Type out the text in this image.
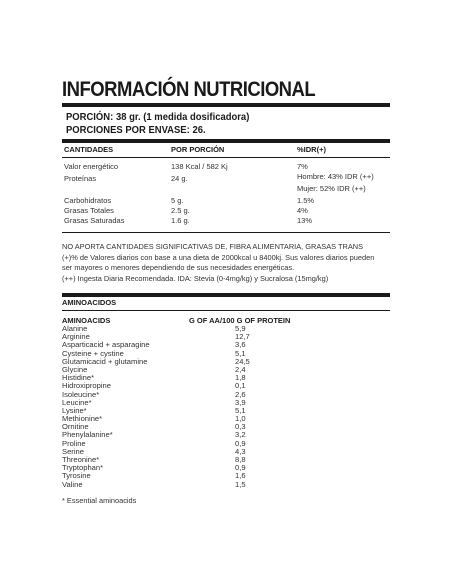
INFORMACIÓN NUTRICIONAL
PORCIÓN: 38 gr. (1 medida dosificadora)
PORCIONES POR ENVASE: 26.
CANTIDADES	POR PORCIÓN	%IDR(+)
Valor energético	138 Kcal / 582 Kj	7%
Proteínas	24 g.	Hombre: 43% IDR (++)
Mujer: 52% IDR (++)
Carbohidratos	5 g.	1.5%
Grasas Totales	2.5 g.	4%
Grasas Saturadas	1.6 g.	13%
NO APORTA CANTIDADES SIGNIFICATIVAS DE, FIBRA ALIMENTARIA, GRASAS TRANS
(+)% de Valores diarios con base a una dieta de 2000kcal u 8400kj. Sus valores diarios pueden
ser mayores o menores dependiendo de sus necesidades energéticas.
(++) Ingesta Diaria Recomendada. IDA: Stevia (0-4mg/kg) y Sucralosa (15mg/kg)
AMINOACIDOS
AMINOACIDS	G OF AA/100 G OF PROTEIN
Alanine	5,9
Arginine	12,7
Asparticacid + asparagine	3,6
Cysteine + cystine	5,1
Glutamicacid + glutamine	24,5
Glycine	2,4
Histidine*	1,8
Hidroxipropine	0,1
Isoleucine*	2,6
Leucine*	3,9
Lysine*	5,1
Methionine*	1,0
Ornitine	0,3
Phenylalanine*	3,2
Proline	0,9
Serine	4,3
Threonine*	8,8
Tryptophan*	0,9
Tyrosine	1,6
Valine	1,5
* Essential aminoacids
